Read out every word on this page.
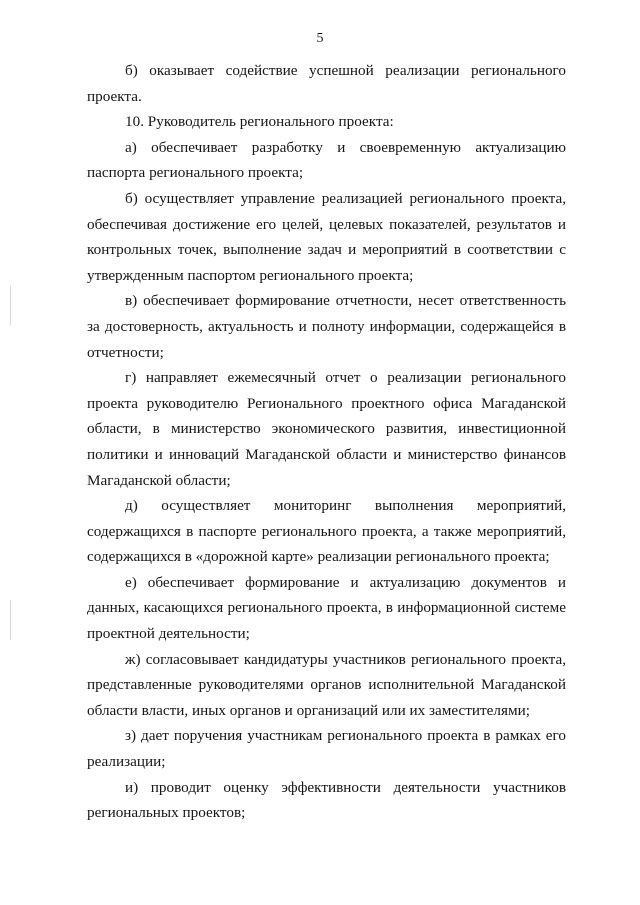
5

б) оказывает содействие успешной реализации регионального проекта.

10. Руководитель регионального проекта:

а) обеспечивает разработку и своевременную актуализацию паспорта регионального проекта;

б) осуществляет управление реализацией регионального проекта, обеспечивая достижение его целей, целевых показателей, результатов и контрольных точек, выполнение задач и мероприятий в соответствии с утвержденным паспортом регионального проекта;

в) обеспечивает формирование отчетности, несет ответственность за достоверность, актуальность и полноту информации, содержащейся в отчетности;

г) направляет ежемесячный отчет о реализации регионального проекта руководителю Регионального проектного офиса Магаданской области, в министерство экономического развития, инвестиционной политики и инноваций Магаданской области и министерство финансов Магаданской области;

д) осуществляет мониторинг выполнения мероприятий, содержащихся в паспорте регионального проекта, а также мероприятий, содержащихся в «дорожной карте» реализации регионального проекта;

е) обеспечивает формирование и актуализацию документов и данных, касающихся регионального проекта, в информационной системе проектной деятельности;

ж) согласовывает кандидатуры участников регионального проекта, представленные руководителями органов исполнительной Магаданской области власти, иных органов и организаций или их заместителями;

з) дает поручения участникам регионального проекта в рамках его реализации;

и) проводит оценку эффективности деятельности участников региональных проектов;
